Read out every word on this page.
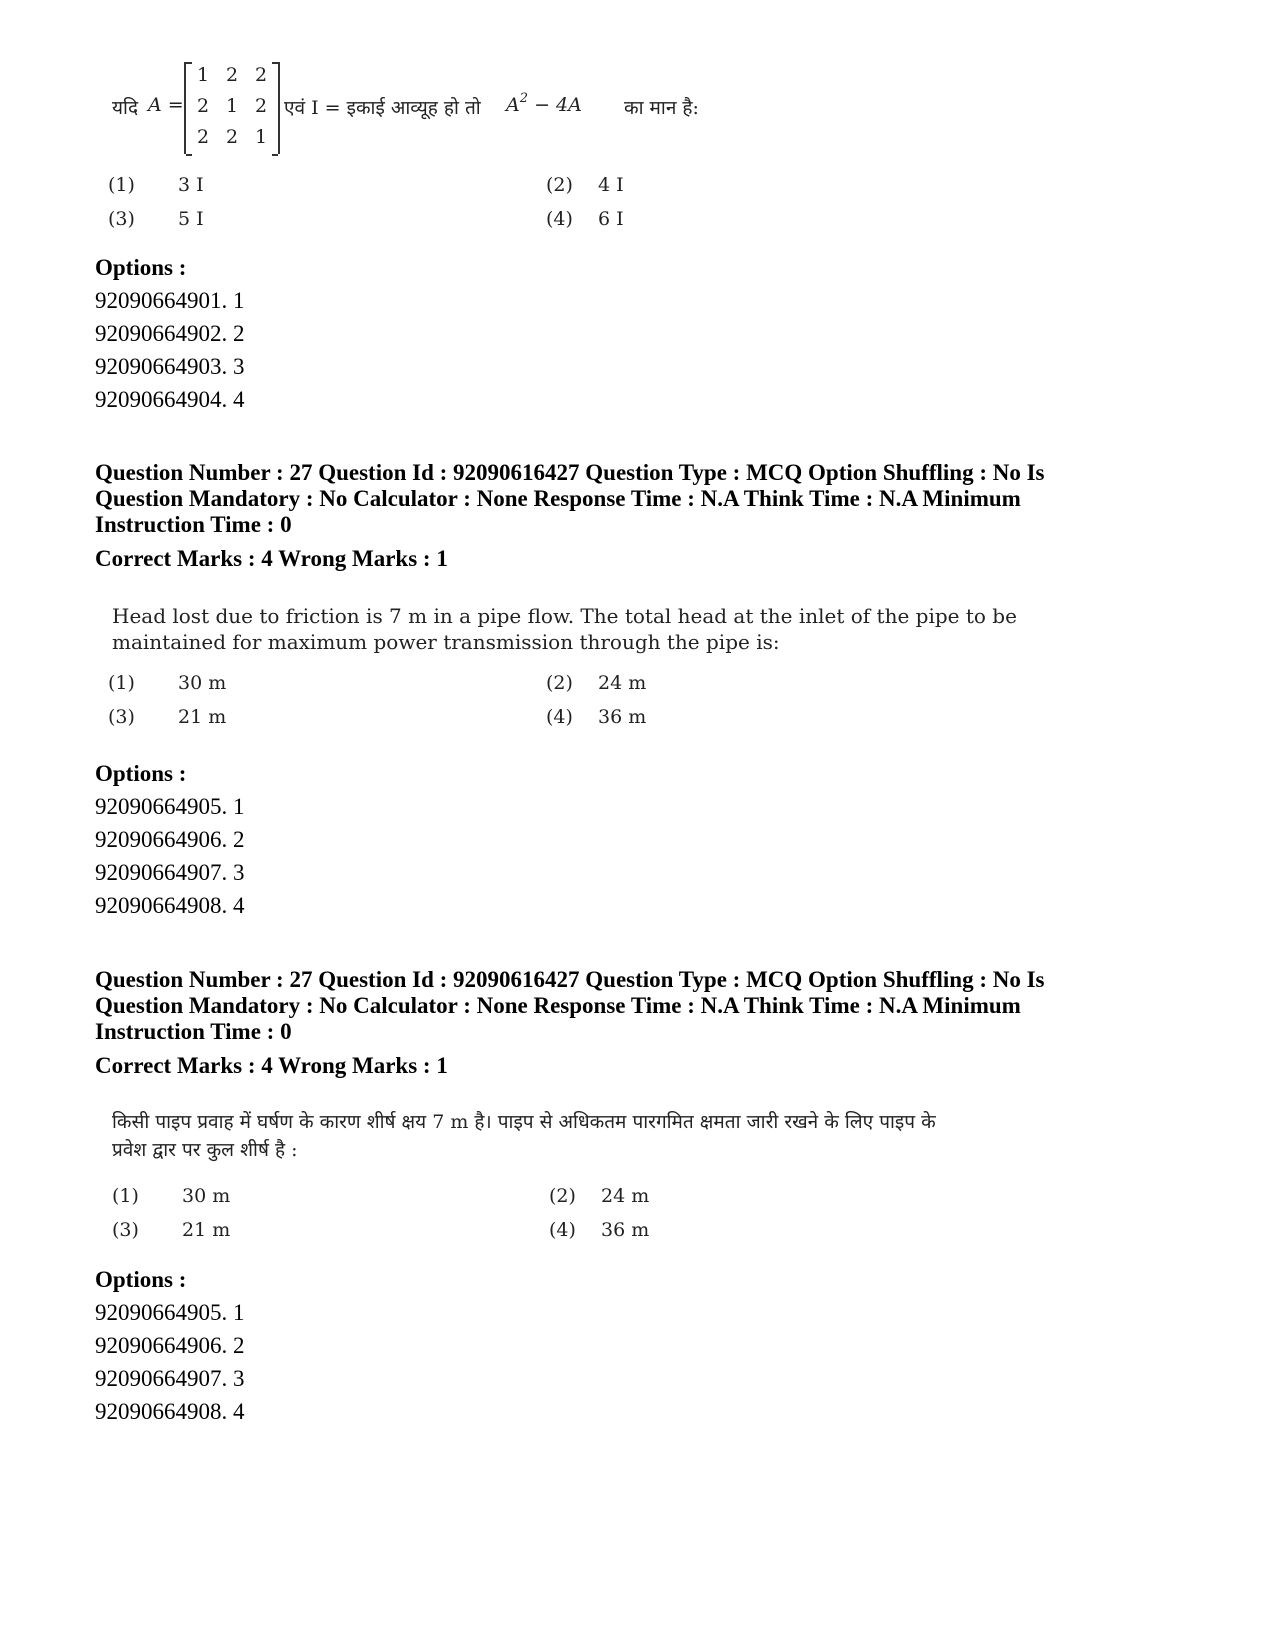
यदि A =
1 2 2
2 1 2
2 2 1
एवं I = इकाई आव्यूह हो तो $A^2 - 4A$ का मान है:
(1) 3 I	(2) 4 I
(3) 5 I	(4) 6 I
Options :
92090664901. 1
92090664902. 2
92090664903. 3
92090664904. 4
Question Number : 27 Question Id : 92090616427 Question Type : MCQ Option Shuffling : No Is
Question Mandatory : No Calculator : None Response Time : N.A Think Time : N.A Minimum
Instruction Time : 0
Correct Marks : 4 Wrong Marks : 1
Head lost due to friction is 7 m in a pipe flow. The total head at the inlet of the pipe to be
maintained for maximum power transmission through the pipe is:
(1) 30 m	(2) 24 m
(3) 21 m	(4) 36 m
Options :
92090664905. 1
92090664906. 2
92090664907. 3
92090664908. 4
Question Number : 27 Question Id : 92090616427 Question Type : MCQ Option Shuffling : No Is
Question Mandatory : No Calculator : None Response Time : N.A Think Time : N.A Minimum
Instruction Time : 0
Correct Marks : 4 Wrong Marks : 1
किसी पाइप प्रवाह में घर्षण के कारण शीर्ष क्षय 7 m है। पाइप से अधिकतम पारगमित क्षमता जारी रखने के लिए पाइप के
प्रवेश द्वार पर कुल शीर्ष है :
(1) 30 m	(2) 24 m
(3) 21 m	(4) 36 m
Options :
92090664905. 1
92090664906. 2
92090664907. 3
92090664908. 4
